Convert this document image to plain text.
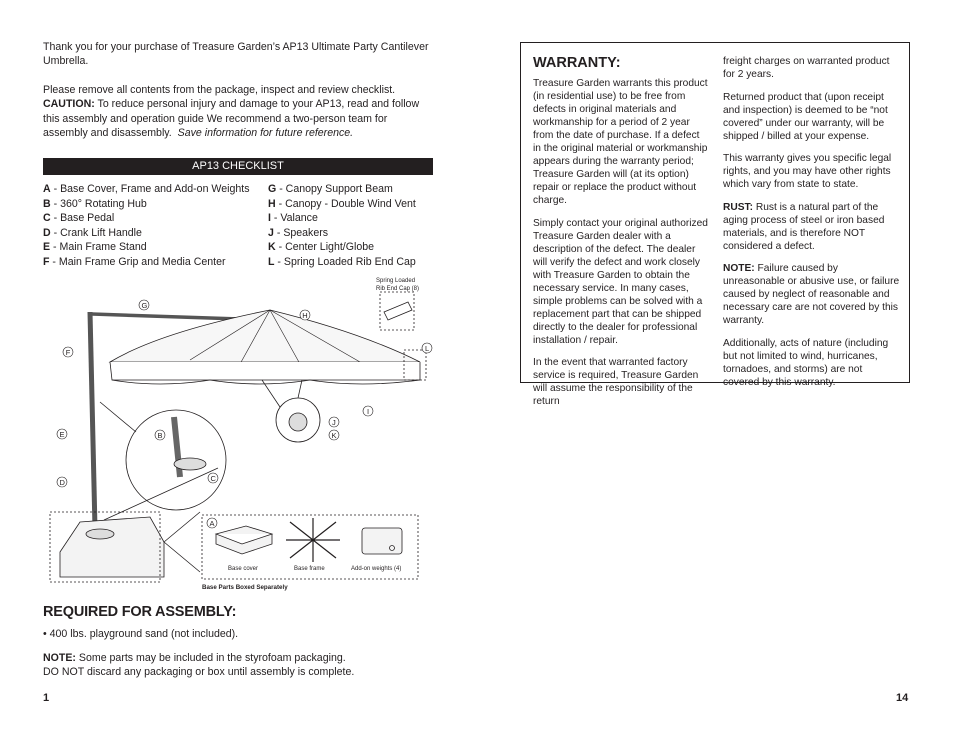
Thank you for your purchase of Treasure Garden’s AP13 Ultimate Party Cantilever Umbrella.

Please remove all contents from the package, inspect and review checklist.
CAUTION: To reduce personal injury and damage to your AP13, read and follow this assembly and operation guide We recommend a two-person team for assembly and disassembly. Save information for future reference.

AP13 CHECKLIST
A - Base Cover, Frame and Add-on Weights
B - 360° Rotating Hub
C - Base Pedal
D - Crank Lift Handle
E - Main Frame Stand
F - Main Frame Grip and Media Center
G - Canopy Support Beam
H - Canopy - Double Wind Vent
I - Valance
J - Speakers
K - Center Light/Globe
L - Spring Loaded Rib End Cap
Spring Loaded
Rib End Cap (8)
Base cover	Base frame	Add-on weights (4)
Base Parts Boxed Separately
G
H
F	L
I
J
K
B
E
C
D
A
REQUIRED FOR ASSEMBLY:
• 400 lbs. playground sand (not included).
NOTE: Some parts may be included in the styrofoam packaging.
DO NOT discard any packaging or box until assembly is complete.
1	14
WARRANTY:

Treasure Garden warrants this product (in residential use) to be free from defects in original materials and workmanship for a period of 2 year from the date of purchase. If a defect in the original material or workmanship appears during the warranty period; Treasure Garden will (at its option) repair or replace the product without charge.

Simply contact your original authorized Treasure Garden dealer with a description of the defect. The dealer will verify the defect and work closely with Treasure Garden to obtain the necessary service. In many cases, simple problems can be solved with a replacement part that can be shipped directly to the dealer for professional installation / repair.

In the event that warranted factory service is required, Treasure Garden will assume the responsibility of the return

freight charges on warranted product for 2 years.

Returned product that (upon receipt and inspection) is deemed to be “not covered” under our warranty, will be shipped / billed at your expense.

This warranty gives you specific legal rights, and you may have other rights which vary from state to state.

RUST: Rust is a natural part of the aging process of steel or iron based materials, and is therefore NOT considered a defect.

NOTE: Failure caused by unreasonable or abusive use, or failure caused by neglect of reasonable and necessary care are not covered by this warranty.

Additionally, acts of nature (including but not limited to wind, hurricanes, tornadoes, and storms) are not covered by this warranty.
